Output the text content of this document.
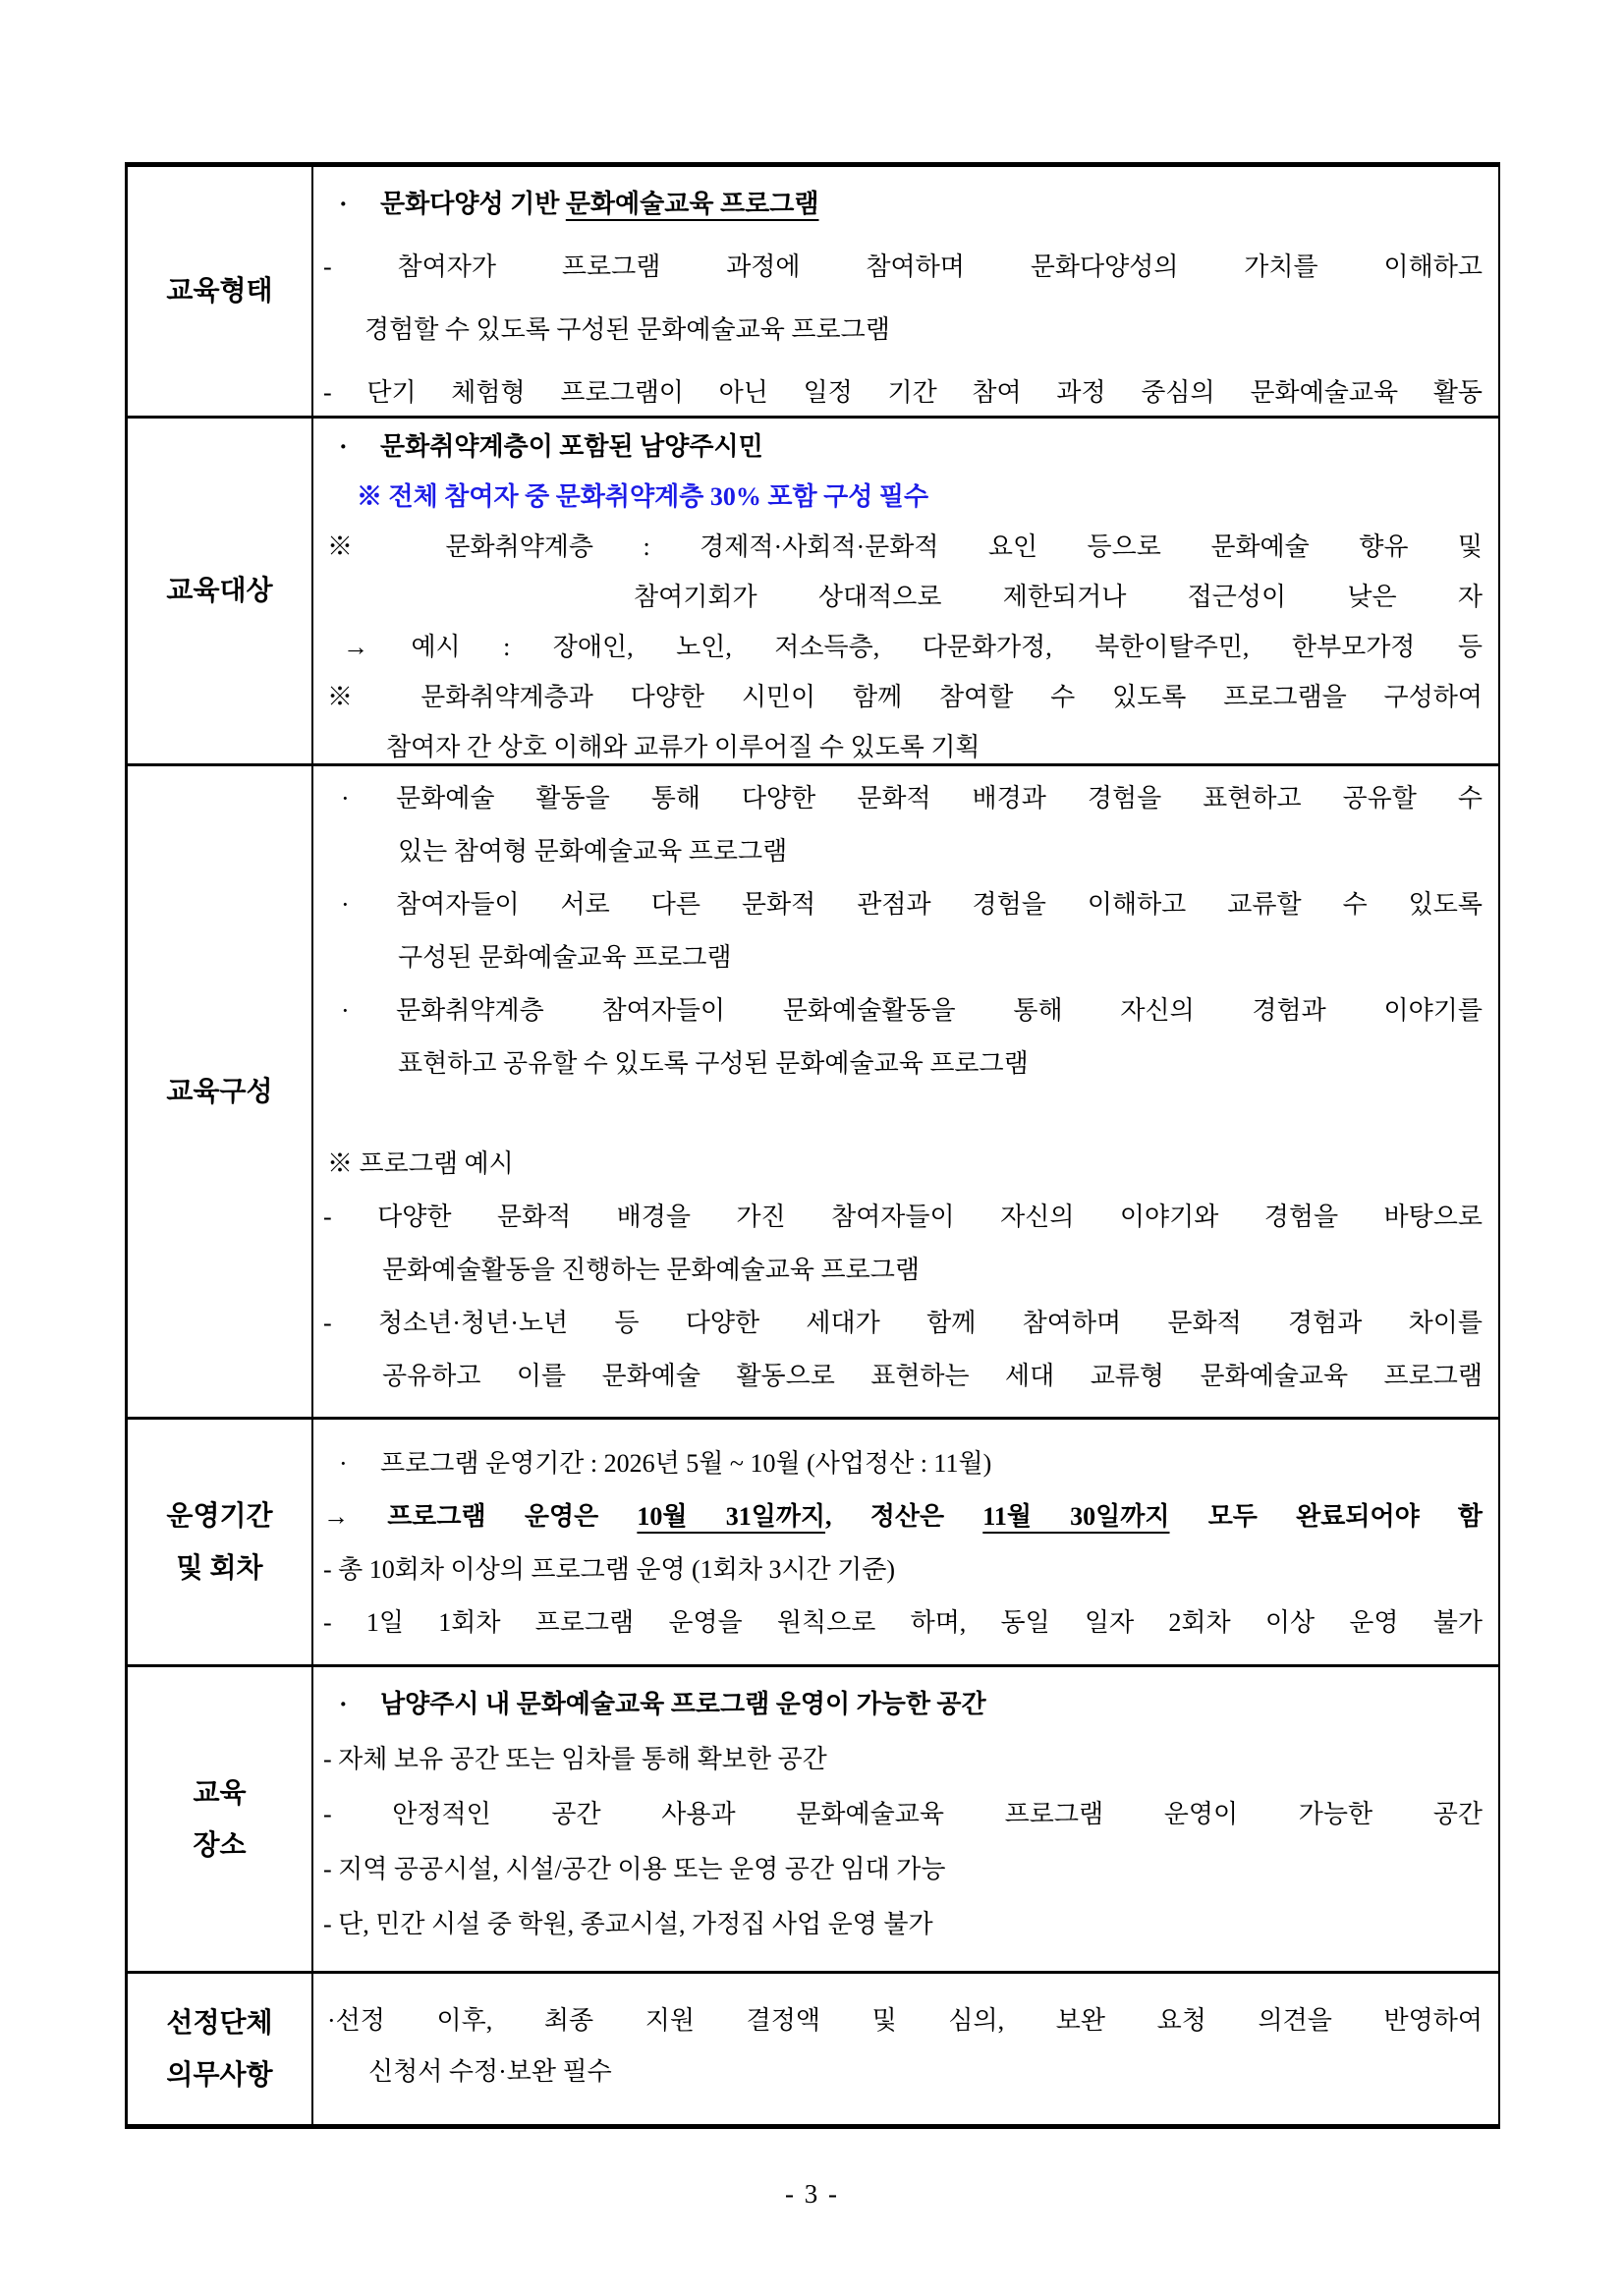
교육형태
· 문화다양성 기반 문화예술교육 프로그램
- 참여자가 프로그램 과정에 참여하며 문화다양성의 가치를 이해하고
경험할 수 있도록 구성된 문화예술교육 프로그램
- 단기 체험형 프로그램이 아닌 일정 기간 참여 과정 중심의 문화예술교육 활동
교육대상
· 문화취약계층이 포함된 남양주시민
※ 전체 참여자 중 문화취약계층 30% 포함 구성 필수
※ 문화취약계층 : 경제적·사회적·문화적 요인 등으로 문화예술 향유 및
참여기회가 상대적으로 제한되거나 접근성이 낮은 자
→ 예시 : 장애인, 노인, 저소득층, 다문화가정, 북한이탈주민, 한부모가정 등
※ 문화취약계층과 다양한 시민이 함께 참여할 수 있도록 프로그램을 구성하여
참여자 간 상호 이해와 교류가 이루어질 수 있도록 기획
교육구성
· 문화예술 활동을 통해 다양한 문화적 배경과 경험을 표현하고 공유할 수
있는 참여형 문화예술교육 프로그램
· 참여자들이 서로 다른 문화적 관점과 경험을 이해하고 교류할 수 있도록
구성된 문화예술교육 프로그램
· 문화취약계층 참여자들이 문화예술활동을 통해 자신의 경험과 이야기를
표현하고 공유할 수 있도록 구성된 문화예술교육 프로그램
※ 프로그램 예시
- 다양한 문화적 배경을 가진 참여자들이 자신의 이야기와 경험을 바탕으로
문화예술활동을 진행하는 문화예술교육 프로그램
- 청소년·청년·노년 등 다양한 세대가 함께 참여하며 문화적 경험과 차이를
공유하고 이를 문화예술 활동으로 표현하는 세대 교류형 문화예술교육 프로그램
운영기간
및 회차
· 프로그램 운영기간 : 2026년 5월 ~ 10월 (사업정산 : 11월)
→ 프로그램 운영은 10월 31일까지, 정산은 11월 30일까지 모두 완료되어야 함
- 총 10회차 이상의 프로그램 운영 (1회차 3시간 기준)
- 1일 1회차 프로그램 운영을 원칙으로 하며, 동일 일자 2회차 이상 운영 불가
교육
장소
· 남양주시 내 문화예술교육 프로그램 운영이 가능한 공간
- 자체 보유 공간 또는 임차를 통해 확보한 공간
- 안정적인 공간 사용과 문화예술교육 프로그램 운영이 가능한 공간
- 지역 공공시설, 시설/공간 이용 또는 운영 공간 임대 가능
- 단, 민간 시설 중 학원, 종교시설, 가정집 사업 운영 불가
선정단체
의무사항
·선정 이후, 최종 지원 결정액 및 심의, 보완 요청 의견을 반영하여
신청서 수정·보완 필수
- 3 -
